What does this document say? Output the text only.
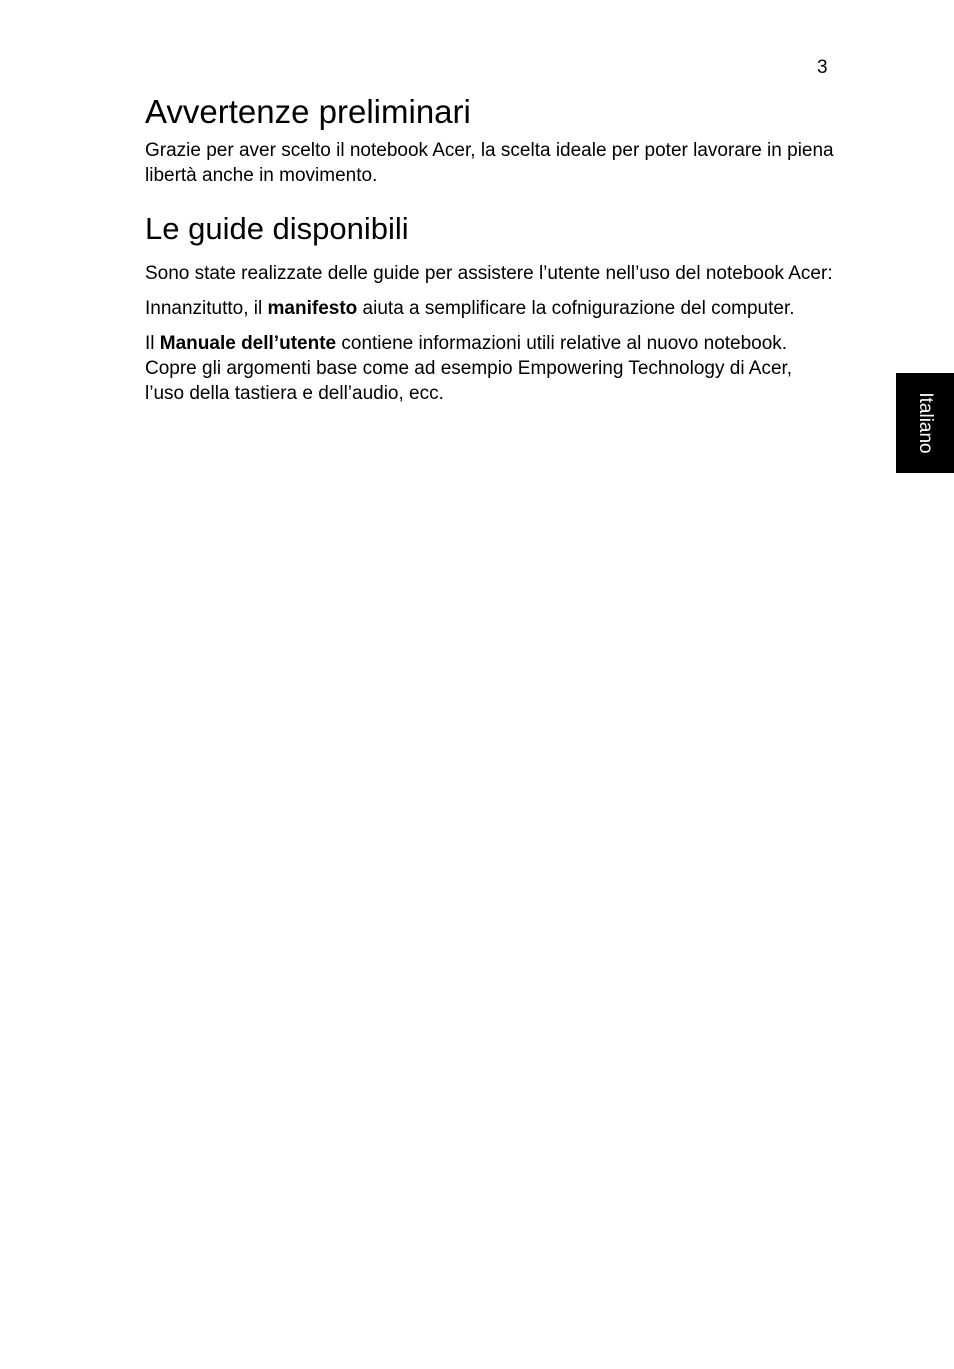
3
Italiano
Avvertenze preliminari

Grazie per aver scelto il notebook Acer, la scelta ideale per poter lavorare in piena libertà anche in movimento.

Le guide disponibili

Sono state realizzate delle guide per assistere l’utente nell’uso del notebook Acer:

Innanzitutto, il manifesto aiuta a semplificare la cofnigurazione del computer.

Il Manuale dell’utente contiene informazioni utili relative al nuovo notebook. Copre gli argomenti base come ad esempio Empowering Technology di Acer, l’uso della tastiera e dell’audio, ecc.
